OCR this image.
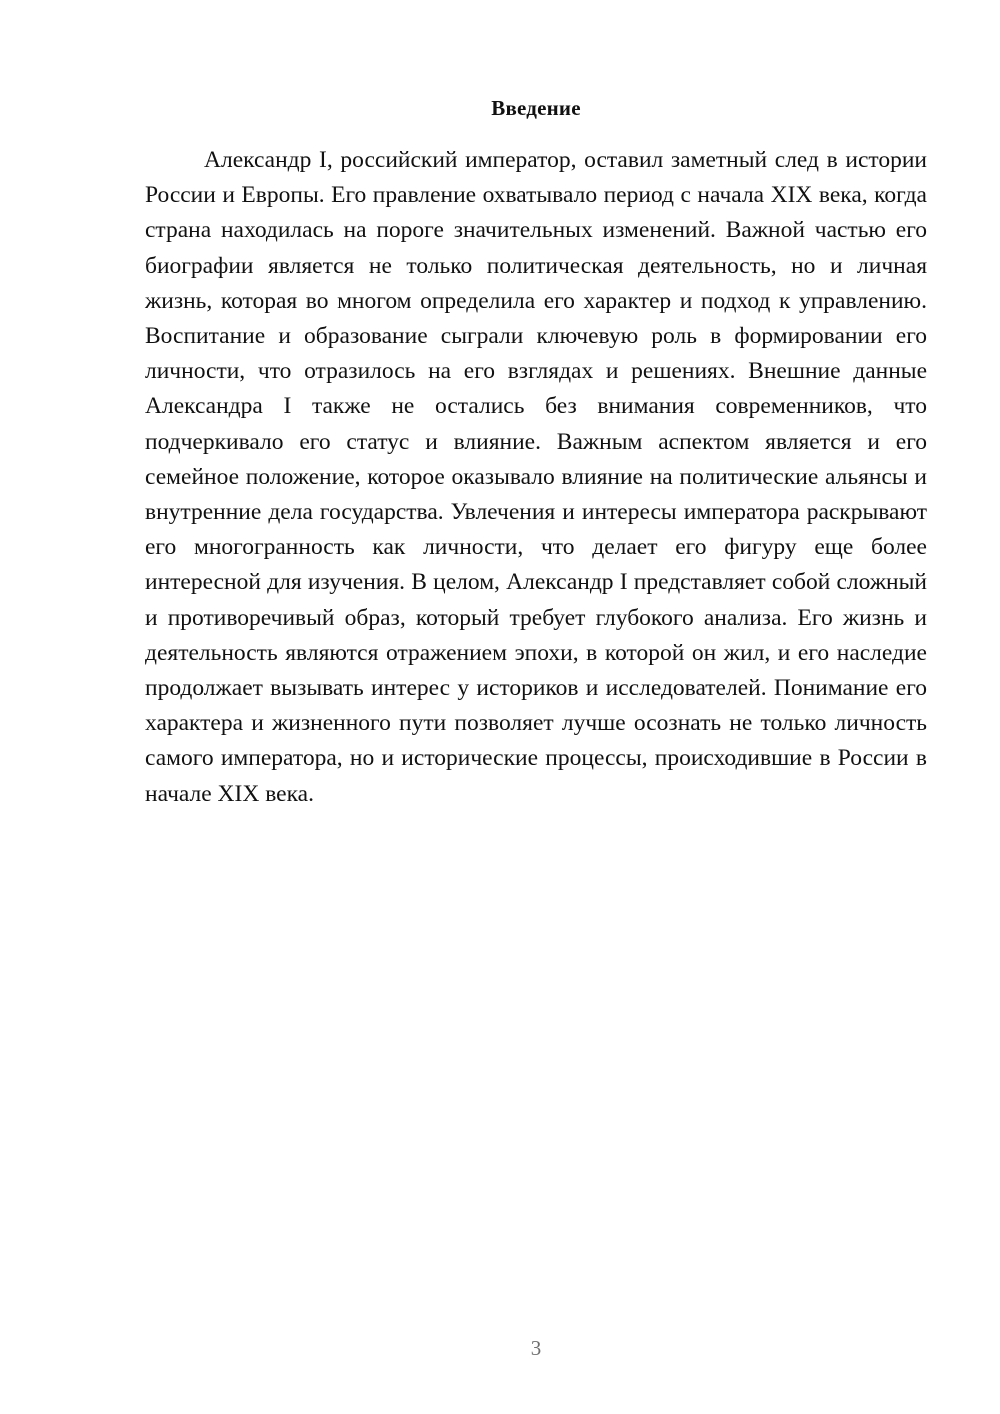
Введение

Александр I, российский император, оставил заметный след в истории России и Европы. Его правление охватывало период с начала XIX века, когда страна находилась на пороге значительных изменений. Важной частью его биографии является не только политическая деятельность, но и личная жизнь, которая во многом определила его характер и подход к управлению. Воспитание и образование сыграли ключевую роль в формировании его личности, что отразилось на его взглядах и решениях. Внешние данные Александра I также не остались без внимания современников, что подчеркивало его статус и влияние. Важным аспектом является и его семейное положение, которое оказывало влияние на политические альянсы и внутренние дела государства. Увлечения и интересы императора раскрывают его многогранность как личности, что делает его фигуру еще более интересной для изучения. В целом, Александр I представляет собой сложный и противоречивый образ, который требует глубокого анализа. Его жизнь и деятельность являются отражением эпохи, в которой он жил, и его наследие продолжает вызывать интерес у историков и исследователей. Понимание его характера и жизненного пути позволяет лучше осознать не только личность самого императора, но и исторические процессы, происходившие в России в начале XIX века.

3
